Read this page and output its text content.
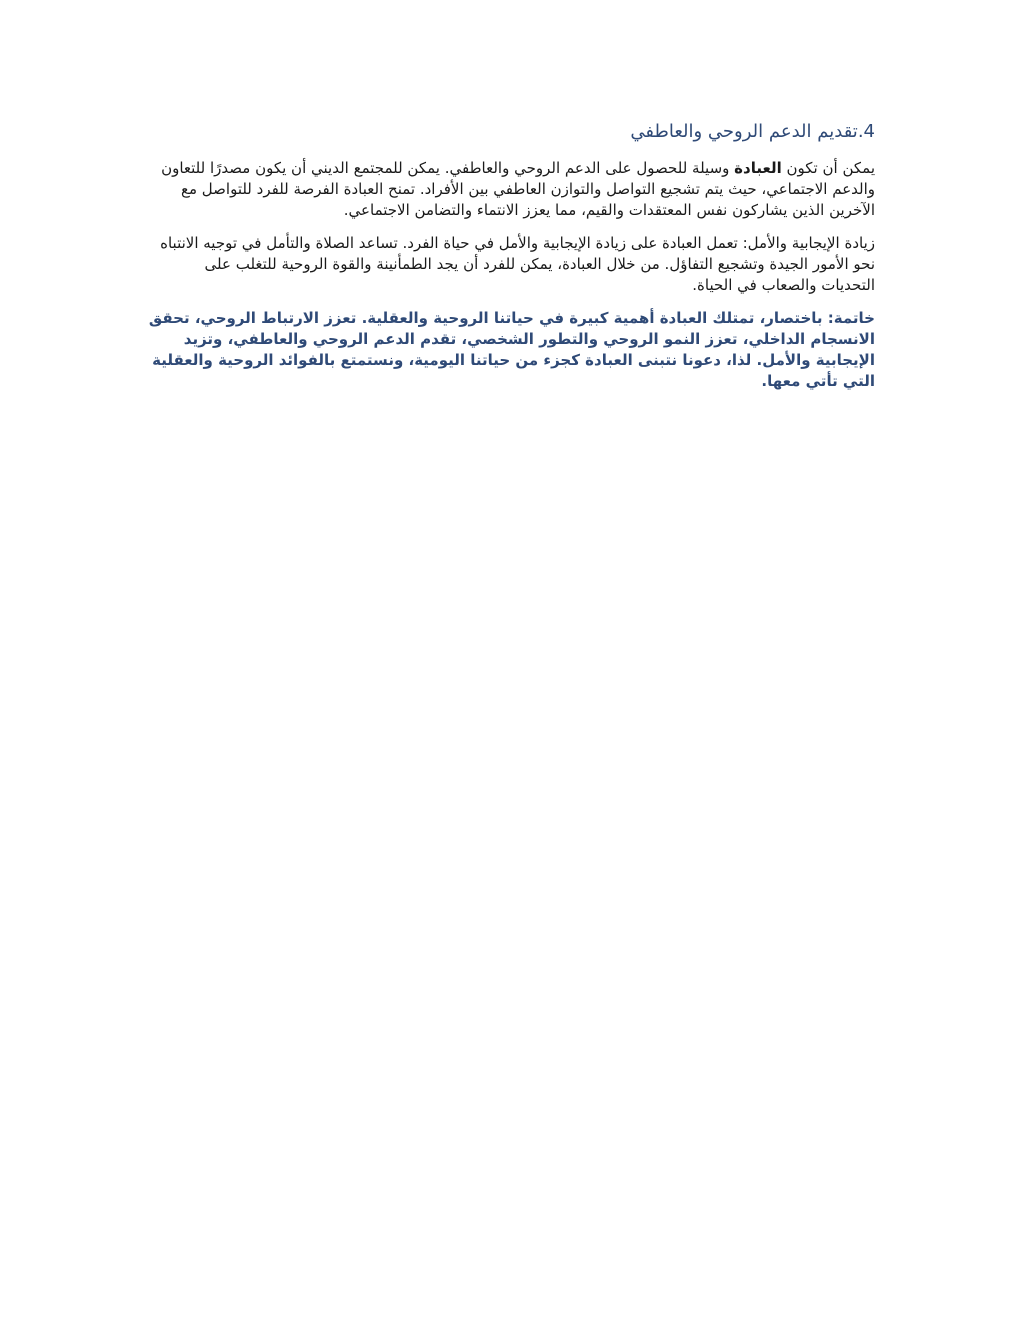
4.تقديم الدعم الروحي والعاطفي

يمكن أن تكون العبادة وسيلة للحصول على الدعم الروحي والعاطفي. يمكن للمجتمع الديني أن يكون مصدرًا للتعاون والدعم الاجتماعي، حيث يتم تشجيع التواصل والتوازن العاطفي بين الأفراد. تمنح العبادة الفرصة للفرد للتواصل مع الآخرين الذين يشاركون نفس المعتقدات والقيم، مما يعزز الانتماء والتضامن الاجتماعي.

زيادة الإيجابية والأمل: تعمل العبادة على زيادة الإيجابية والأمل في حياة الفرد. تساعد الصلاة والتأمل في توجيه الانتباه نحو الأمور الجيدة وتشجيع التفاؤل. من خلال العبادة، يمكن للفرد أن يجد الطمأنينة والقوة الروحية للتغلب على التحديات والصعاب في الحياة.

خاتمة: باختصار، تمتلك العبادة أهمية كبيرة في حياتنا الروحية والعقلية. تعزز الارتباط الروحي، تحقق الانسجام الداخلي، تعزز النمو الروحي والتطور الشخصي، تقدم الدعم الروحي والعاطفي، وتزيد الإيجابية والأمل. لذا، دعونا نتبنى العبادة كجزء من حياتنا اليومية، ونستمتع بالفوائد الروحية والعقلية التي تأتي معها.
